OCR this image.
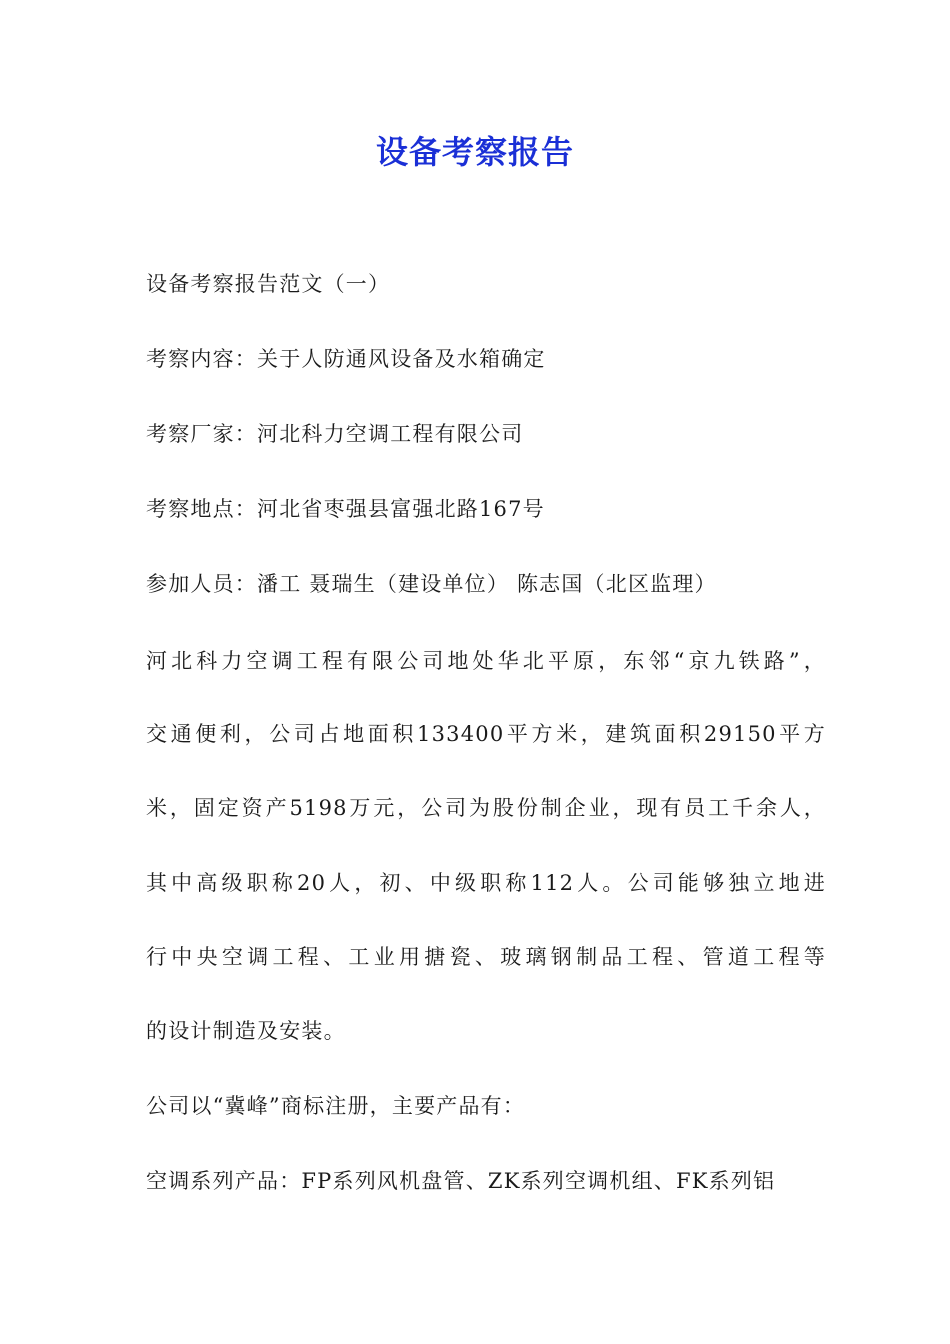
设备考察报告
设备考察报告范文（一）
考察内容：关于人防通风设备及水箱确定
考察厂家：河北科力空调工程有限公司
考察地点：河北省枣强县富强北路167号
参加人员：潘工 聂瑞生（建设单位） 陈志国（北区监理）
河北科力空调工程有限公司地处华北平原，东邻“京九铁路”，
交通便利，公司占地面积133400平方米，建筑面积29150平方
米，固定资产5198万元，公司为股份制企业，现有员工千余人，
其中高级职称20人，初、中级职称112人。公司能够独立地进
行中央空调工程、工业用搪瓷、玻璃钢制品工程、管道工程等
的设计制造及安装。
公司以“冀峰”商标注册，主要产品有：
空调系列产品：FP系列风机盘管、ZK系列空调机组、FK系列铝
